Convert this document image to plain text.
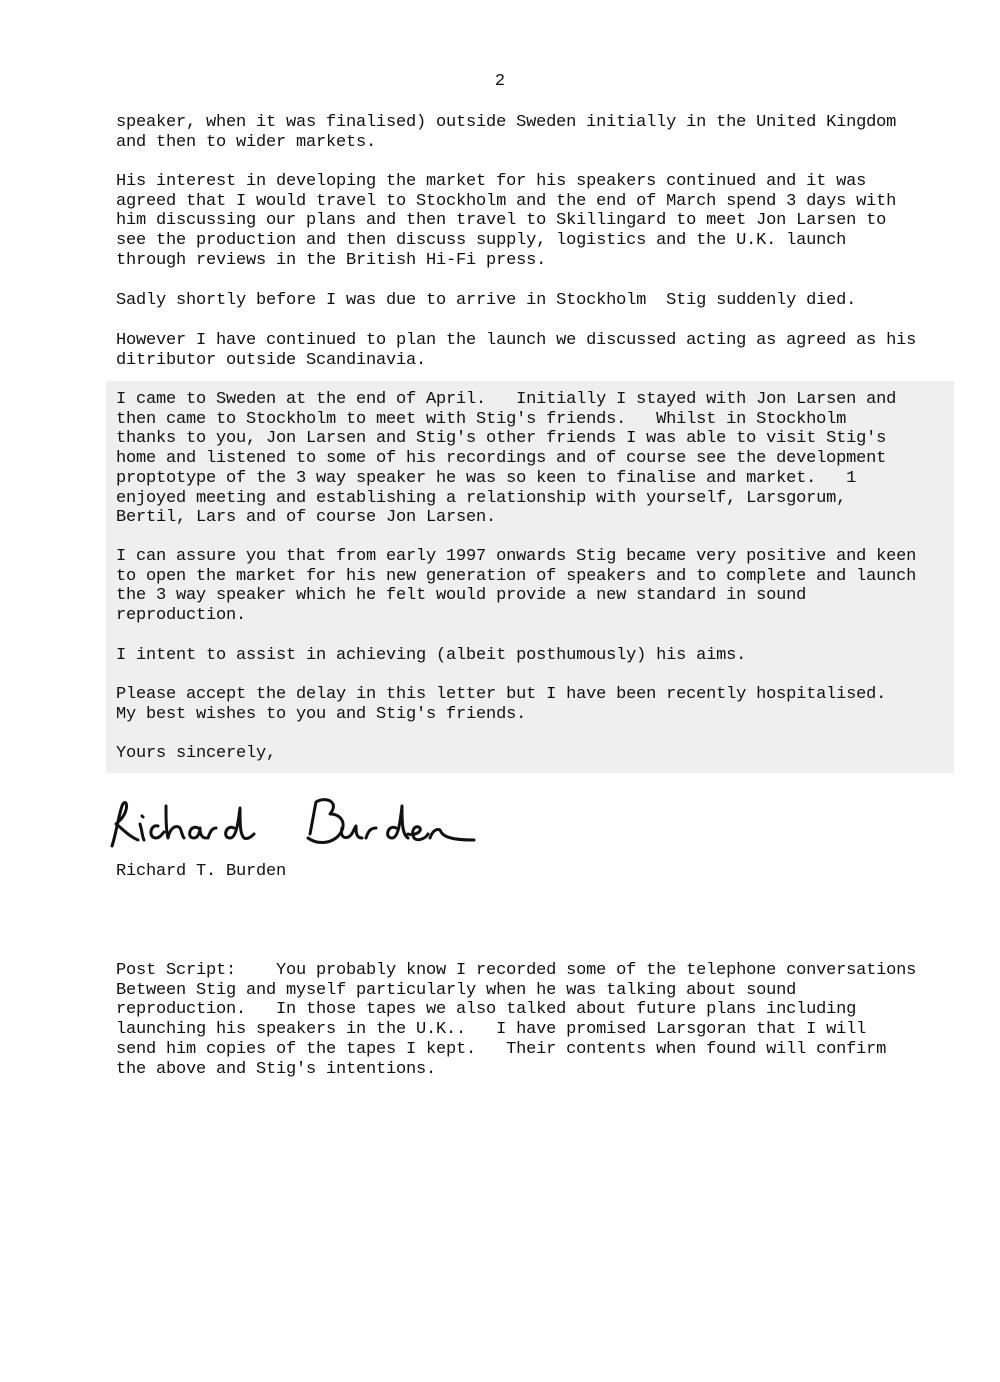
2

speaker, when it was finalised) outside Sweden initially in the United Kingdom
and then to wider markets.

His interest in developing the market for his speakers continued and it was
agreed that I would travel to Stockholm and the end of March spend 3 days with
him discussing our plans and then travel to Skillingard to meet Jon Larsen to
see the production and then discuss supply, logistics and the U.K. launch
through reviews in the British Hi-Fi press.

Sadly shortly before I was due to arrive in Stockholm  Stig suddenly died.

However I have continued to plan the launch we discussed acting as agreed as his
ditributor outside Scandinavia.

I came to Sweden at the end of April.   Initially I stayed with Jon Larsen and
then came to Stockholm to meet with Stig's friends.   Whilst in Stockholm
thanks to you, Jon Larsen and Stig's other friends I was able to visit Stig's
home and listened to some of his recordings and of course see the development
proptotype of the 3 way speaker he was so keen to finalise and market.   1
enjoyed meeting and establishing a relationship with yourself, Larsgorum,
Bertil, Lars and of course Jon Larsen.

I can assure you that from early 1997 onwards Stig became very positive and keen
to open the market for his new generation of speakers and to complete and launch
the 3 way speaker which he felt would provide a new standard in sound
reproduction.

I intent to assist in achieving (albeit posthumously) his aims.

Please accept the delay in this letter but I have been recently hospitalised.
My best wishes to you and Stig's friends.

Yours sincerely,

Richard T. Burden

Post Script:    You probably know I recorded some of the telephone conversations
Between Stig and myself particularly when he was talking about sound
reproduction.   In those tapes we also talked about future plans including
launching his speakers in the U.K..   I have promised Larsgoran that I will
send him copies of the tapes I kept.   Their contents when found will confirm
the above and Stig's intentions.
